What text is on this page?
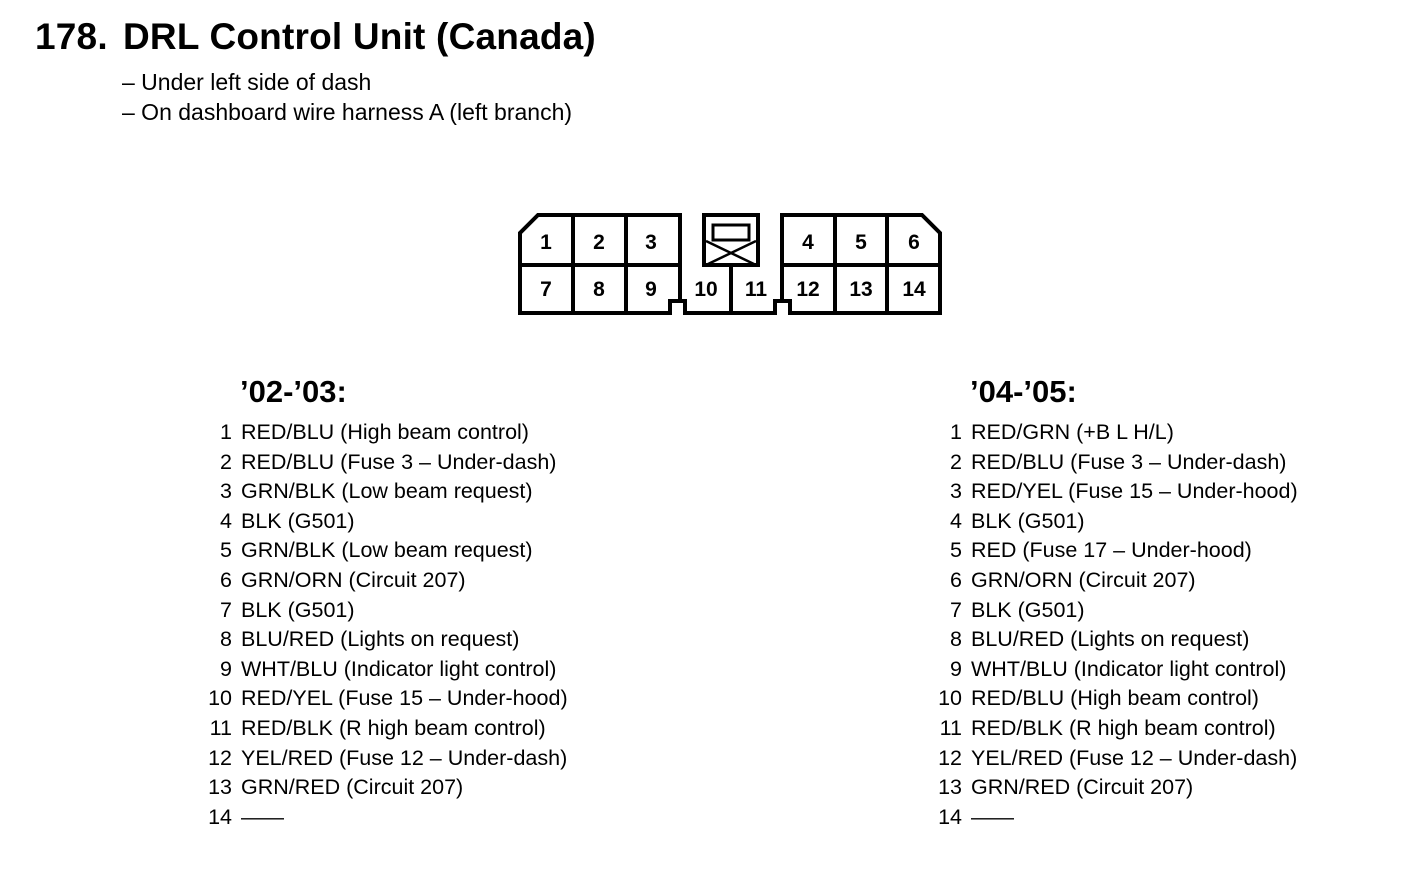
178. DRL Control Unit (Canada)
– Under left side of dash
– On dashboard wire harness A (left branch)
1 2 3	4 5 6
7 8 9 10 11 12 13 14
’02-’03:
1 RED/BLU (High beam control)
2 RED/BLU (Fuse 3 – Under-dash)
3 GRN/BLK (Low beam request)
4 BLK (G501)
5 GRN/BLK (Low beam request)
6 GRN/ORN (Circuit 207)
7 BLK (G501)
8 BLU/RED (Lights on request)
9 WHT/BLU (Indicator light control)
10 RED/YEL (Fuse 15 – Under-hood)
11 RED/BLK (R high beam control)
12 YEL/RED (Fuse 12 – Under-dash)
13 GRN/RED (Circuit 207)
14 ——
’04-’05:
1 RED/GRN (+B L H/L)
2 RED/BLU (Fuse 3 – Under-dash)
3 RED/YEL (Fuse 15 – Under-hood)
4 BLK (G501)
5 RED (Fuse 17 – Under-hood)
6 GRN/ORN (Circuit 207)
7 BLK (G501)
8 BLU/RED (Lights on request)
9 WHT/BLU (Indicator light control)
10 RED/BLU (High beam control)
11 RED/BLK (R high beam control)
12 YEL/RED (Fuse 12 – Under-dash)
13 GRN/RED (Circuit 207)
14 ——
